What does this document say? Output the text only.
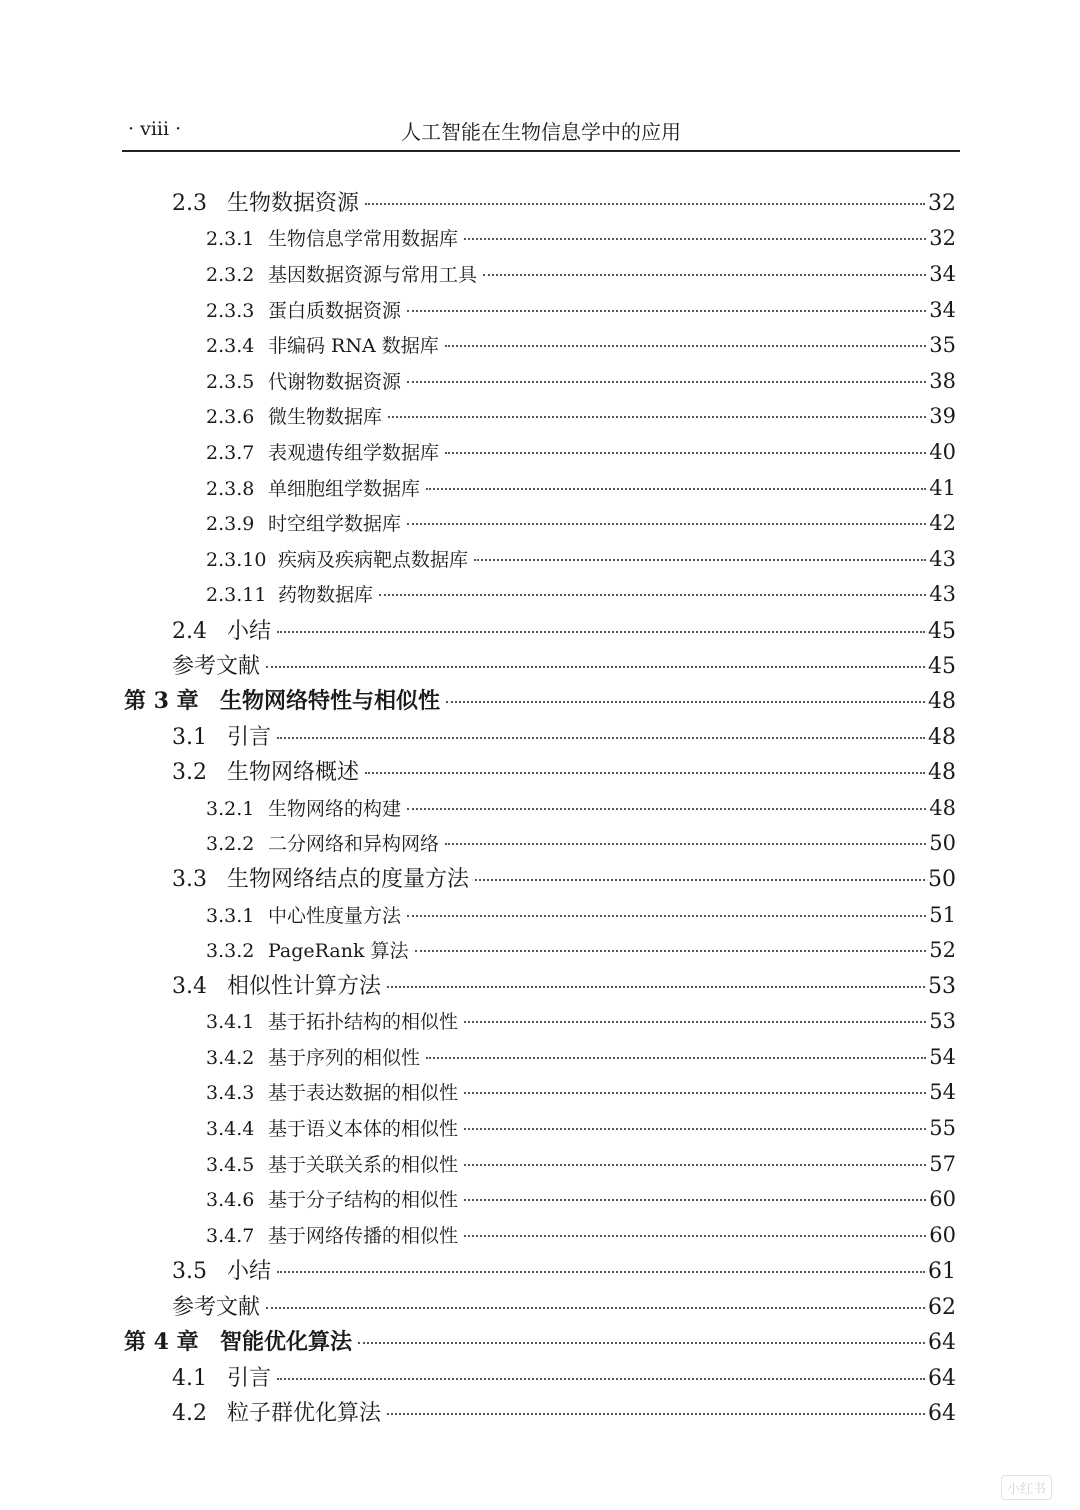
· viii ·	人工智能在生物信息学中的应用
2.3 生物数据资源	32
2.3.1 生物信息学常用数据库	32
2.3.2 基因数据资源与常用工具	34
2.3.3 蛋白质数据资源	34
2.3.4 非编码 RNA 数据库	35
2.3.5 代谢物数据资源	38
2.3.6 微生物数据库	39
2.3.7 表观遗传组学数据库	40
2.3.8 单细胞组学数据库	41
2.3.9 时空组学数据库	42
2.3.10 疾病及疾病靶点数据库	43
2.3.11 药物数据库	43
2.4 小结	45
参考文献	45
第 3 章 生物网络特性与相似性	48
3.1 引言	48
3.2 生物网络概述	48
3.2.1 生物网络的构建	48
3.2.2 二分网络和异构网络	50
3.3 生物网络结点的度量方法	50
3.3.1 中心性度量方法	51
3.3.2 PageRank 算法	52
3.4 相似性计算方法	53
3.4.1 基于拓扑结构的相似性	53
3.4.2 基于序列的相似性	54
3.4.3 基于表达数据的相似性	54
3.4.4 基于语义本体的相似性	55
3.4.5 基于关联关系的相似性	57
3.4.6 基于分子结构的相似性	60
3.4.7 基于网络传播的相似性	60
3.5 小结	61
参考文献	62
第 4 章 智能优化算法	64
4.1 引言	64
4.2 粒子群优化算法	64
小红书
